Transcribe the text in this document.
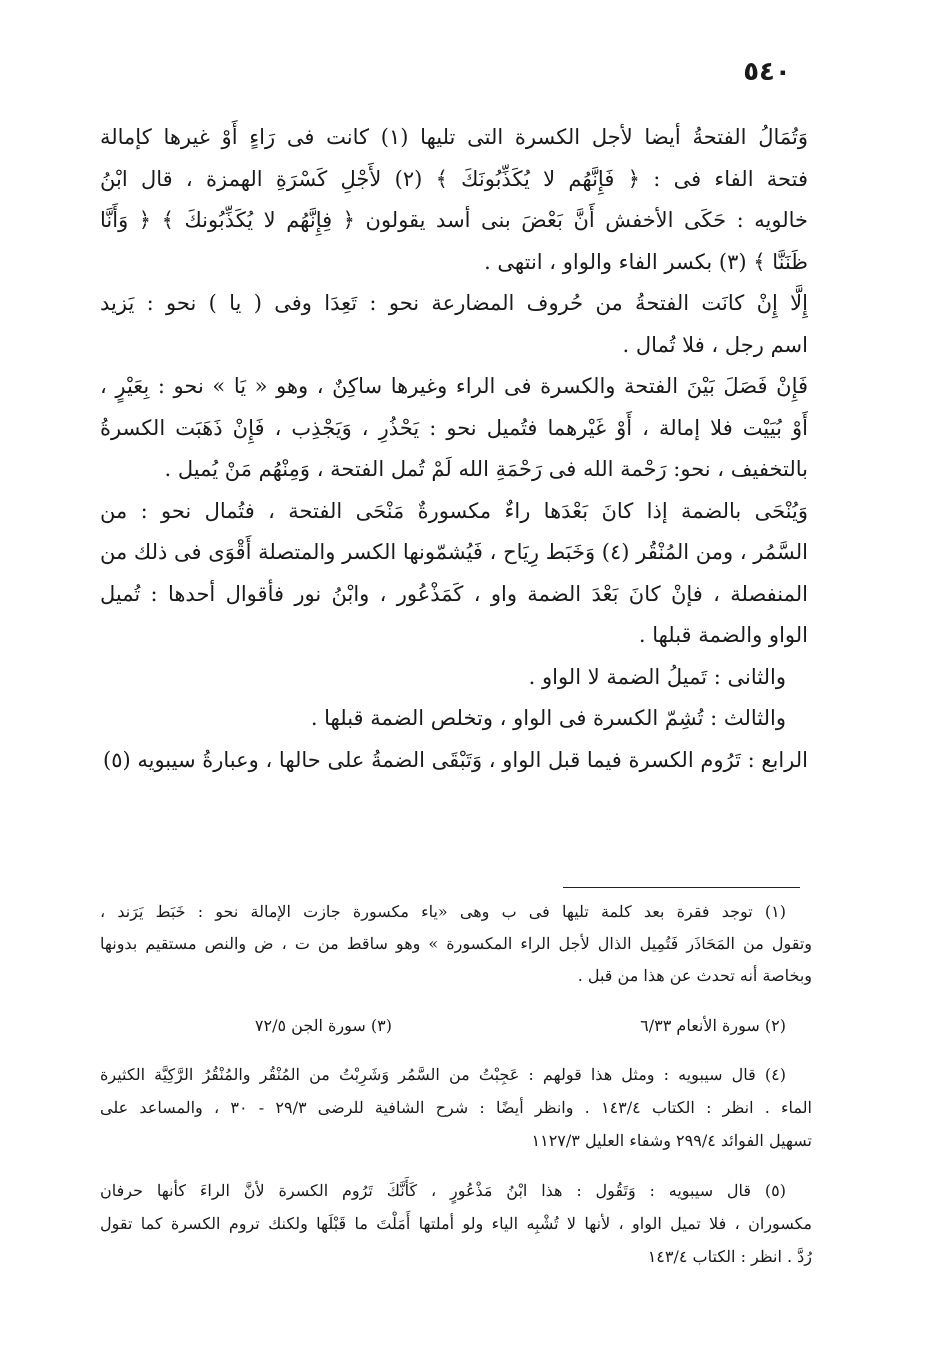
٥٤٠
وَتُمَالُ الفتحةُ أيضا لأجل الكسرة التى تليها (١) كانت فى رَاءٍ أَوْ غيرها كإمالة
فتحة الفاء فى : ﴿ فَإِنَّهُم لا يُكَذِّبُونَكَ ﴾ (٢) لأَجْلِ كَسْرَةِ الهمزة ، قال ابْنُ
خالويه : حَكَى الأخفش أَنَّ بَعْضَ بنى أسد يقولون ﴿ فِإِنَّهُم لا يُكَذِّبُونكَ ﴾ ﴿ وَأَنَّا
ظَنَنَّا ﴾ (٣) بكسر الفاء والواو ، انتهى .
إِلَّا إِنْ كانَت الفتحةُ من حُروف المضارعة نحو : تَعِدَا وفى ( يا ) نحو : يَزيد
اسم رجل ، فلا تُمال .
فَإِنْ فَصَلَ بَيْنَ الفتحة والكسرة فى الراء وغيرها ساكِنٌ ، وهو « يَا » نحو : بِعَيْرٍ ،
أَوْ بُيَيْت فلا إمالة ، أَوْ غَيْرهما فتُميل نحو : يَحْذُرِ ، وَيَجْذِب ، فَإِنْ ذَهَبَت الكسرةُ
بالتخفيف ، نحو: رَحْمة الله فى رَحْمَةِ الله لَمْ تُمل الفتحة ، وَمِنْهُم مَنْ يُميل .
وَيُنْحَى بالضمة إذا كانَ بَعْدَها راءٌ مكسورةٌ مَنْحَى الفتحة ، فتُمال نحو : من
السَّمُر ، ومن المُنْقُر (٤) وَخَبَط رِيَاح ، فَيُشمّونها الكسر والمتصلة أَقْوَى فى ذلك من
المنفصلة ، فإنْ كانَ بَعْدَ الضمة واو ، كَمَذْعُور ، وابْنُ نور فأقوال أحدها : تُميل
الواو والضمة قبلها .
والثانى : تَميلُ الضمة لا الواو .
والثالث : تُشِمّ الكسرة فى الواو ، وتخلص الضمة قبلها .
الرابع : تَرُوم الكسرة فيما قبل الواو ، وَتَبْقَى الضمةُ على حالها ، وعبارةُ سيبويه (٥)
(١) توجد فقرة بعد كلمة تليها فى ب وهى «ياء مكسورة جازت الإمالة نحو : خَبَط يَرَند ،
وتقول من المَحَاذَر فَتُمِيل الذال لأجل الراء المكسورة » وهو ساقط من ت ، ض والنص مستقيم بدونها
وبخاصة أنه تحدث عن هذا من قبل .
(٢) سورة الأنعام ٦/٣٣
(٣) سورة الجن ٧٢/٥
(٤) قال سيبويه : ومثل هذا قولهم : عَجِبْتُ من السَّمُر وَشَرِبْتُ من المُنْقُر والمُنْقُرُ الرَّكِيَّة الكثيرة
الماء . انظر : الكتاب ١٤٣/٤ . وانظر أيضًا : شرح الشافية للرضى ٢٩/٣ - ٣٠ ، والمساعد على
تسهيل الفوائد ٢٩٩/٤ وشفاء العليل ١١٢٧/٣
(٥) قال سيبويه : وَتَقُول : هذا ابْنُ مَذْعُورٍ ، كَأَنَّكَ تَرُوم الكسرة لأنَّ الراءَ كأنها حرفان
مكسوران ، فلا تميل الواو ، لأنها لا تُشْبِه الياء ولو أملتها أَمَلْتَ ما قَبْلَها ولكنك تروم الكسرة كما تقول
رُدَّ . انظر : الكتاب ١٤٣/٤
